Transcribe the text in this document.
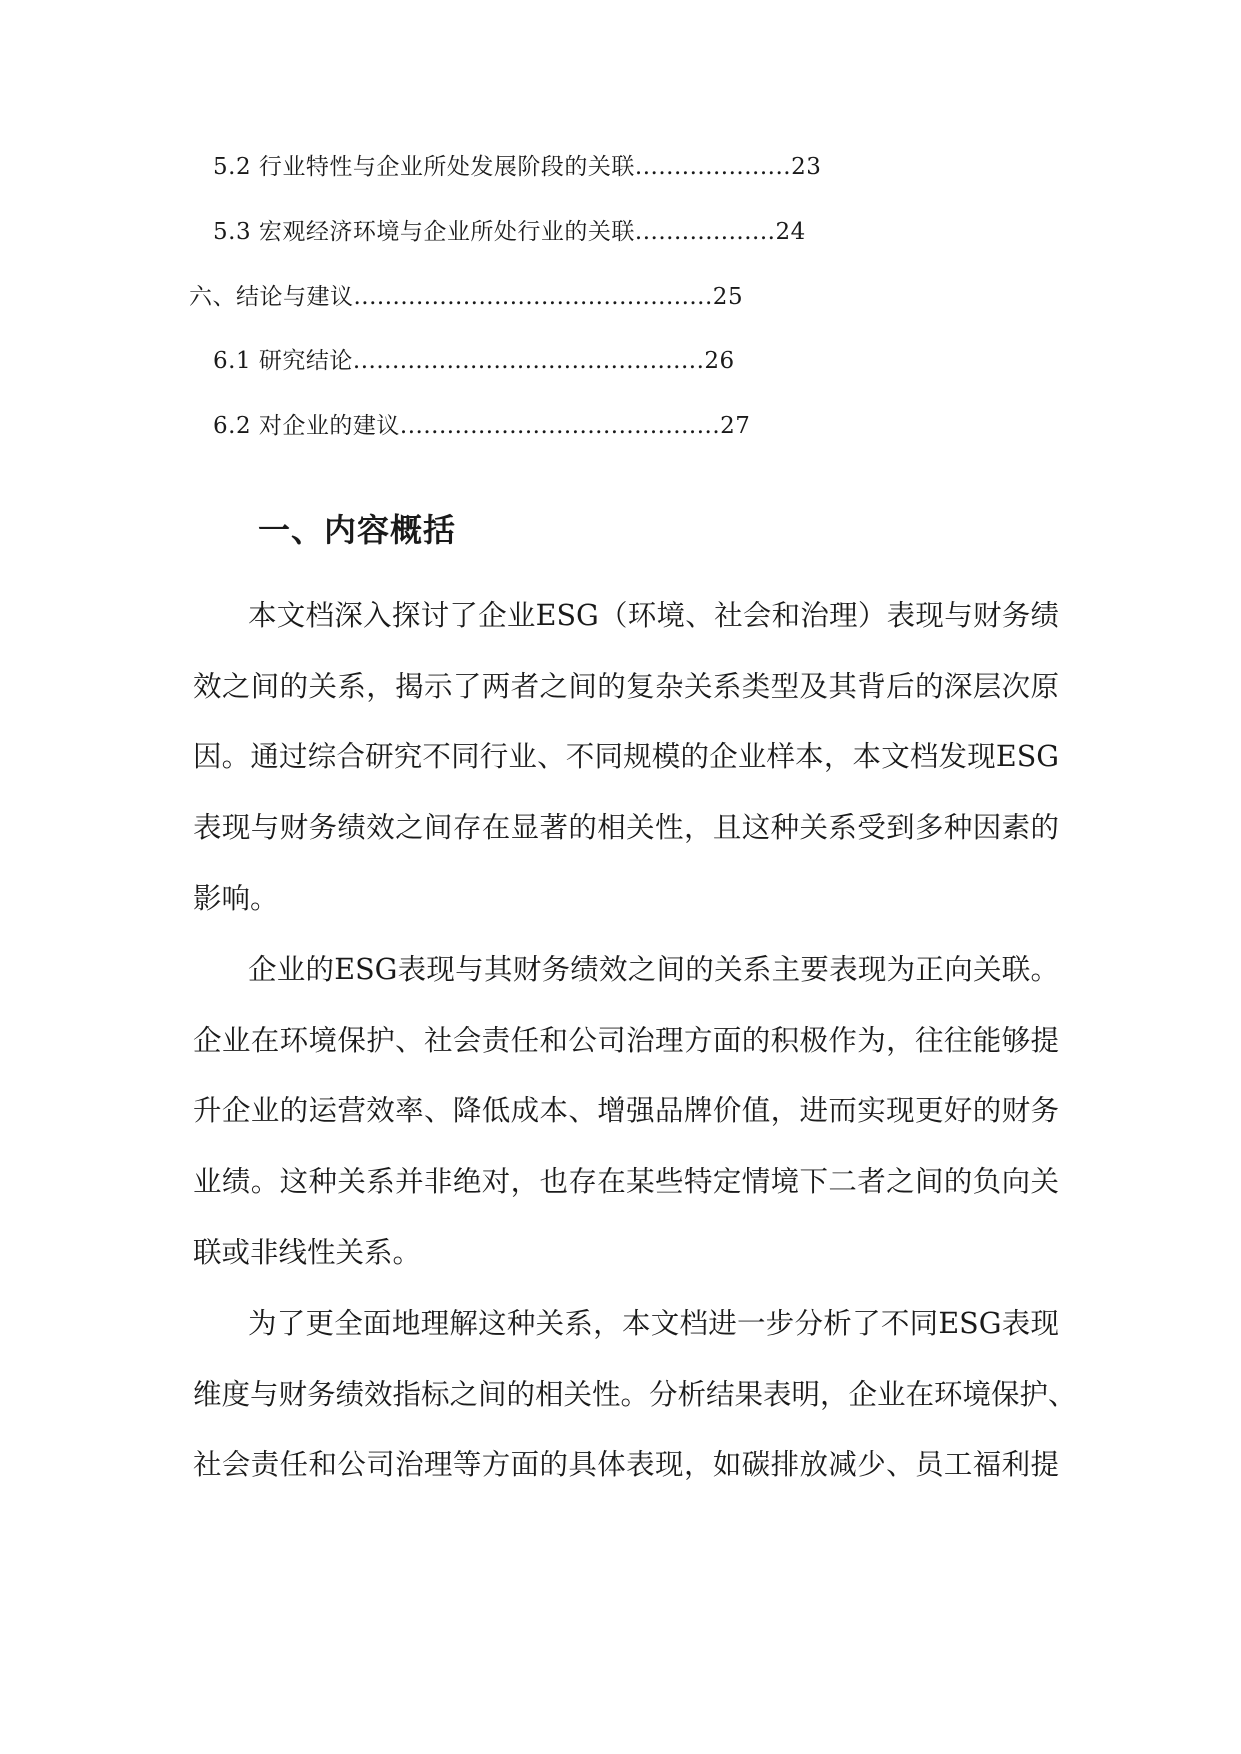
5.2 行业特性与企业所处发展阶段的关联....................23
5.3 宏观经济环境与企业所处行业的关联..................24
六、结论与建议..............................................25
6.1 研究结论.............................................26
6.2 对企业的建议.........................................27
一、内容概括
本文档深入探讨了企业ESG（环境、社会和治理）表现与财务绩
效之间的关系，揭示了两者之间的复杂关系类型及其背后的深层次原
因。通过综合研究不同行业、不同规模的企业样本，本文档发现ESG
表现与财务绩效之间存在显著的相关性，且这种关系受到多种因素的
影响。
企业的ESG表现与其财务绩效之间的关系主要表现为正向关联。
企业在环境保护、社会责任和公司治理方面的积极作为，往往能够提
升企业的运营效率、降低成本、增强品牌价值，进而实现更好的财务
业绩。这种关系并非绝对，也存在某些特定情境下二者之间的负向关
联或非线性关系。
为了更全面地理解这种关系，本文档进一步分析了不同ESG表现
维度与财务绩效指标之间的相关性。分析结果表明，企业在环境保护、
社会责任和公司治理等方面的具体表现，如碳排放减少、员工福利提
